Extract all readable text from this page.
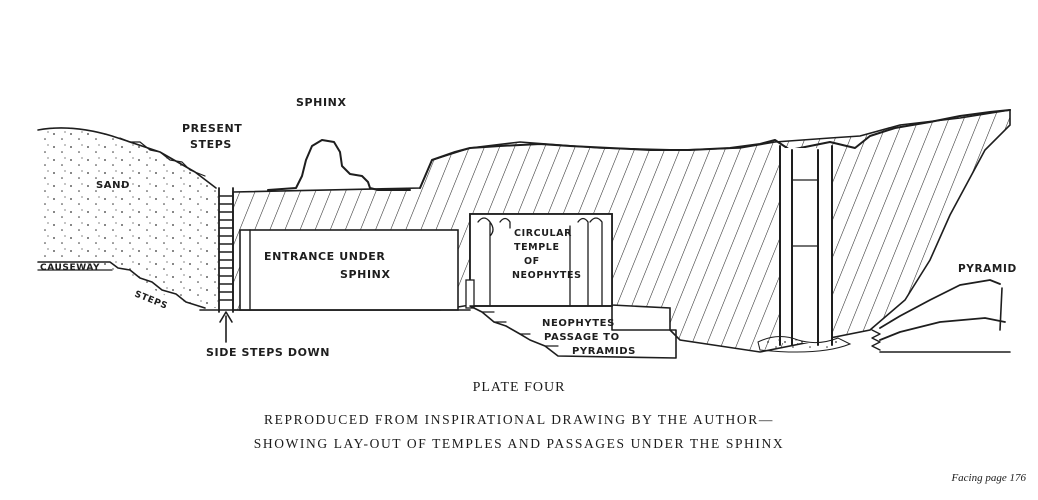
SPHINX
PRESENT
STEPS
SAND
CAUSEWAY
STEPS
ENTRANCE UNDER
SPHINX
CIRCULAR
TEMPLE
OF
NEOPHYTES
NEOPHYTES
PASSAGE TO
PYRAMIDS
SIDE STEPS DOWN
PYRAMID
PLATE FOUR
REPRODUCED FROM INSPIRATIONAL DRAWING BY THE AUTHOR—
SHOWING LAY-OUT OF TEMPLES AND PASSAGES UNDER THE SPHINX
Facing page 176
